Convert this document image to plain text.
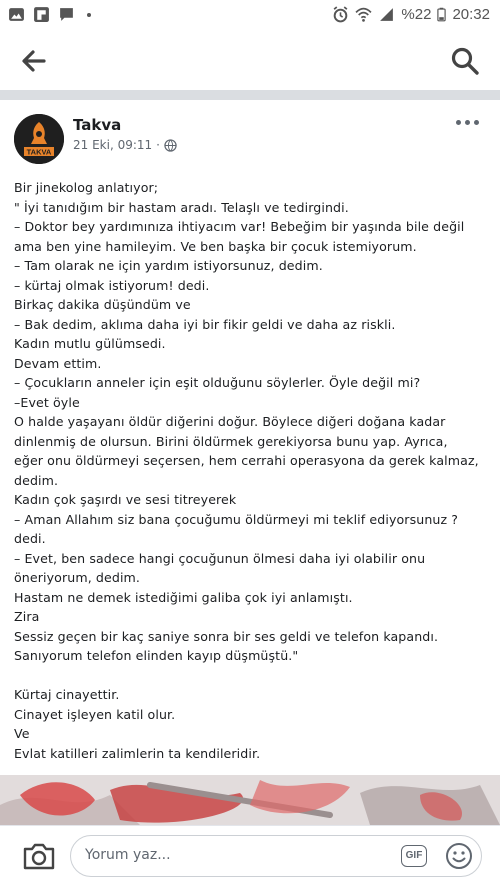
%22 20:32
TAKVA
Takva
21 Eki, 09:11 ·
Bir jinekolog anlatıyor;
" İyi tanıdığım bir hastam aradı. Telaşlı ve tedirgindi.
– Doktor bey yardımınıza ihtiyacım var! Bebeğim bir yaşında bile değil
ama ben yine hamileyim. Ve ben başka bir çocuk istemiyorum.
– Tam olarak ne için yardım istiyorsunuz, dedim.
– kürtaj olmak istiyorum! dedi.
Birkaç dakika düşündüm ve
– Bak dedim, aklıma daha iyi bir fikir geldi ve daha az riskli.
Kadın mutlu gülümsedi.
Devam ettim.
– Çocukların anneler için eşit olduğunu söylerler. Öyle değil mi?
–Evet öyle
O halde yaşayanı öldür diğerini doğur. Böylece diğeri doğana kadar
dinlenmiş de olursun. Birini öldürmek gerekiyorsa bunu yap. Ayrıca,
eğer onu öldürmeyi seçersen, hem cerrahi operasyona da gerek kalmaz,
dedim.
Kadın çok şaşırdı ve sesi titreyerek
– Aman Allahım siz bana çocuğumu öldürmeyi mi teklif ediyorsunuz ?
dedi.
– Evet, ben sadece hangi çocuğunun ölmesi daha iyi olabilir onu
öneriyorum, dedim.
Hastam ne demek istediğimi galiba çok iyi anlamıştı.
Zira
Sessiz geçen bir kaç saniye sonra bir ses geldi ve telefon kapandı.
Sanıyorum telefon elinden kayıp düşmüştü."
Kürtaj cinayettir.
Cinayet işleyen katil olur.
Ve
Evlat katilleri zalimlerin ta kendileridir.
Yorum yaz...	GIF
